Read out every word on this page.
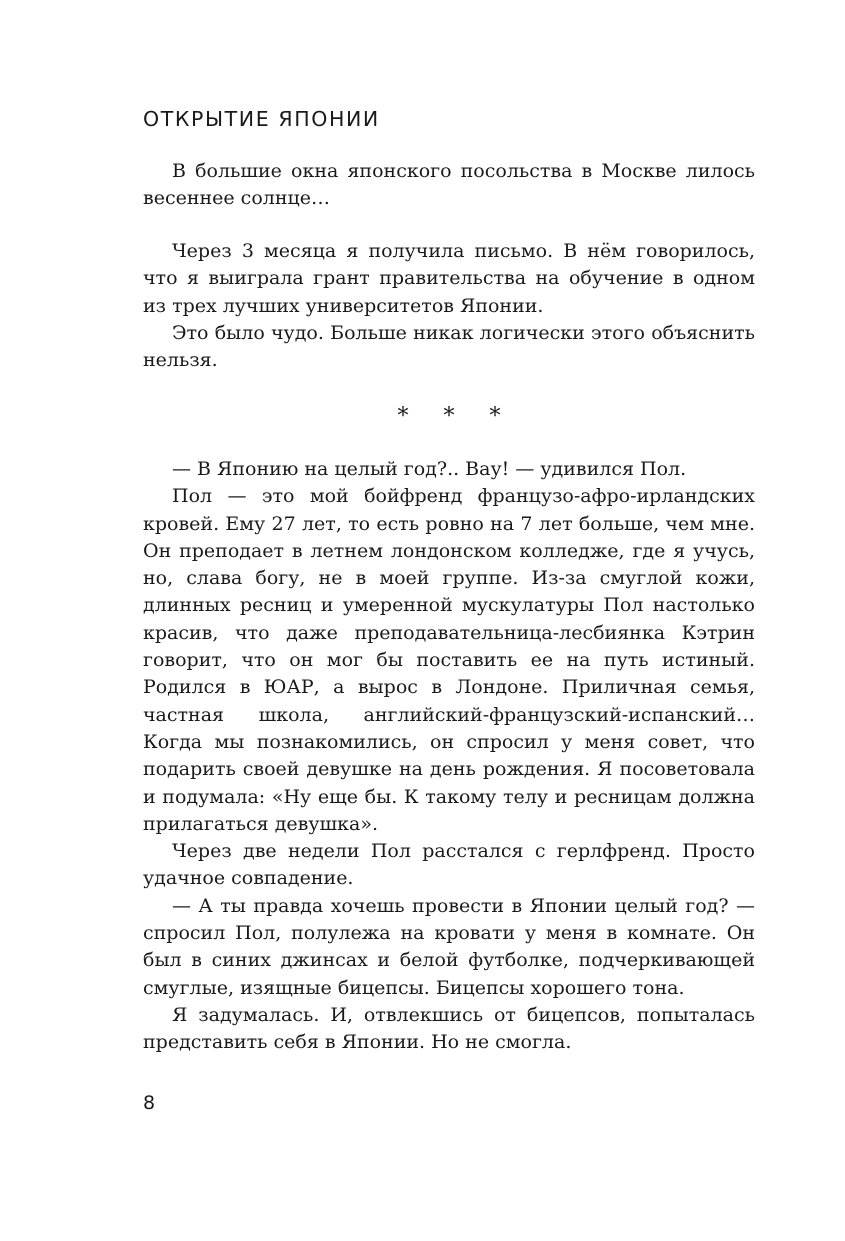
ОТКРЫТИЕ ЯПОНИИ

В большие окна японского посольства в Москве лилось весеннее солнце…

Через 3 месяца я получила письмо. В нём говорилось, что я выиграла грант правительства на обучение в одном из трех лучших университетов Японии.

Это было чудо. Больше никак логически этого объяснить нельзя.

* * *

— В Японию на целый год?.. Вау! — удивился Пол.

Пол — это мой бойфренд французо-афро-ирландских кровей. Ему 27 лет, то есть ровно на 7 лет больше, чем мне. Он преподает в летнем лондонском колледже, где я учусь, но, слава богу, не в моей группе. Из-за смуглой кожи, длинных ресниц и умеренной мускулатуры Пол настолько красив, что даже преподавательница-лесбиянка Кэтрин говорит, что он мог бы поставить ее на путь истиный. Родился в ЮАР, а вырос в Лондоне. Приличная семья, частная школа, английский-французский-испанский… Когда мы познакомились, он спросил у меня совет, что подарить своей девушке на день рождения. Я посоветовала и подумала: «Ну еще бы. К такому телу и ресницам должна прилагаться девушка».

Через две недели Пол расстался с герлфренд. Просто удачное совпадение.

— А ты правда хочешь провести в Японии целый год? — спросил Пол, полулежа на кровати у меня в комнате. Он был в синих джинсах и белой футболке, подчеркивающей смуглые, изящные бицепсы. Бицепсы хорошего тона.

Я задумалась. И, отвлекшись от бицепсов, попыталась представить себя в Японии. Но не смогла.

8
